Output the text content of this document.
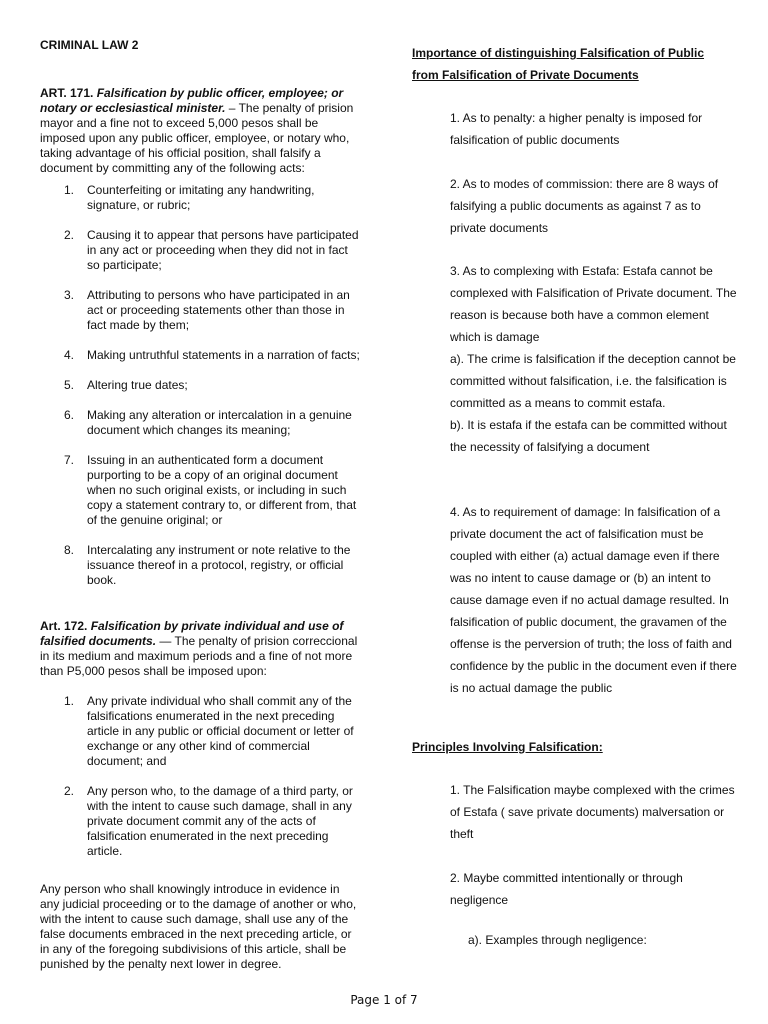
CRIMINAL LAW 2

ART. 171. Falsification by public officer, employee; or notary or ecclesiastical minister. – The penalty of prision mayor and a fine not to exceed 5,000 pesos shall be imposed upon any public officer, employee, or notary who, taking advantage of his official position, shall falsify a document by committing any of the following acts:

1. Counterfeiting or imitating any handwriting, signature, or rubric;
2. Causing it to appear that persons have participated in any act or proceeding when they did not in fact so participate;
3. Attributing to persons who have participated in an act or proceeding statements other than those in fact made by them;
4. Making untruthful statements in a narration of facts;
5. Altering true dates;
6. Making any alteration or intercalation in a genuine document which changes its meaning;
7. Issuing in an authenticated form a document purporting to be a copy of an original document when no such original exists, or including in such copy a statement contrary to, or different from, that of the genuine original; or
8. Intercalating any instrument or note relative to the issuance thereof in a protocol, registry, or official book.

Art. 172. Falsification by private individual and use of falsified documents. — The penalty of prision correccional in its medium and maximum periods and a fine of not more than P5,000 pesos shall be imposed upon:

1. Any private individual who shall commit any of the falsifications enumerated in the next preceding article in any public or official document or letter of exchange or any other kind of commercial document; and
2. Any person who, to the damage of a third party, or with the intent to cause such damage, shall in any private document commit any of the acts of falsification enumerated in the next preceding article.

Any person who shall knowingly introduce in evidence in any judicial proceeding or to the damage of another or who, with the intent to cause such damage, shall use any of the false documents embraced in the next preceding article, or in any of the foregoing subdivisions of this article, shall be punished by the penalty next lower in degree.

Importance of distinguishing Falsification of Public

from Falsification of Private Documents

1. As to penalty: a higher penalty is imposed for falsification of public documents

2. As to modes of commission: there are 8 ways of falsifying a public documents as against 7 as to private documents

3. As to complexing with Estafa: Estafa cannot be complexed with Falsification of Private document. The reason is because both have a common element which is damage

a). The crime is falsification if the deception cannot be committed without falsification, i.e. the falsification is committed as a means to commit estafa.

b). It is estafa if the estafa can be committed without the necessity of falsifying a document

4. As to requirement of damage: In falsification of a private document the act of falsification must be coupled with either (a) actual damage even if there was no intent to cause damage or (b) an intent to cause damage even if no actual damage resulted. In falsification of public document, the gravamen of the offense is the perversion of truth; the loss of faith and confidence by the public in the document even if there is no actual damage the public

Principles Involving Falsification:

1. The Falsification maybe complexed with the crimes of Estafa ( save private documents) malversation or theft

2. Maybe committed intentionally or through negligence

a). Examples through negligence:

Page 1 of 7
